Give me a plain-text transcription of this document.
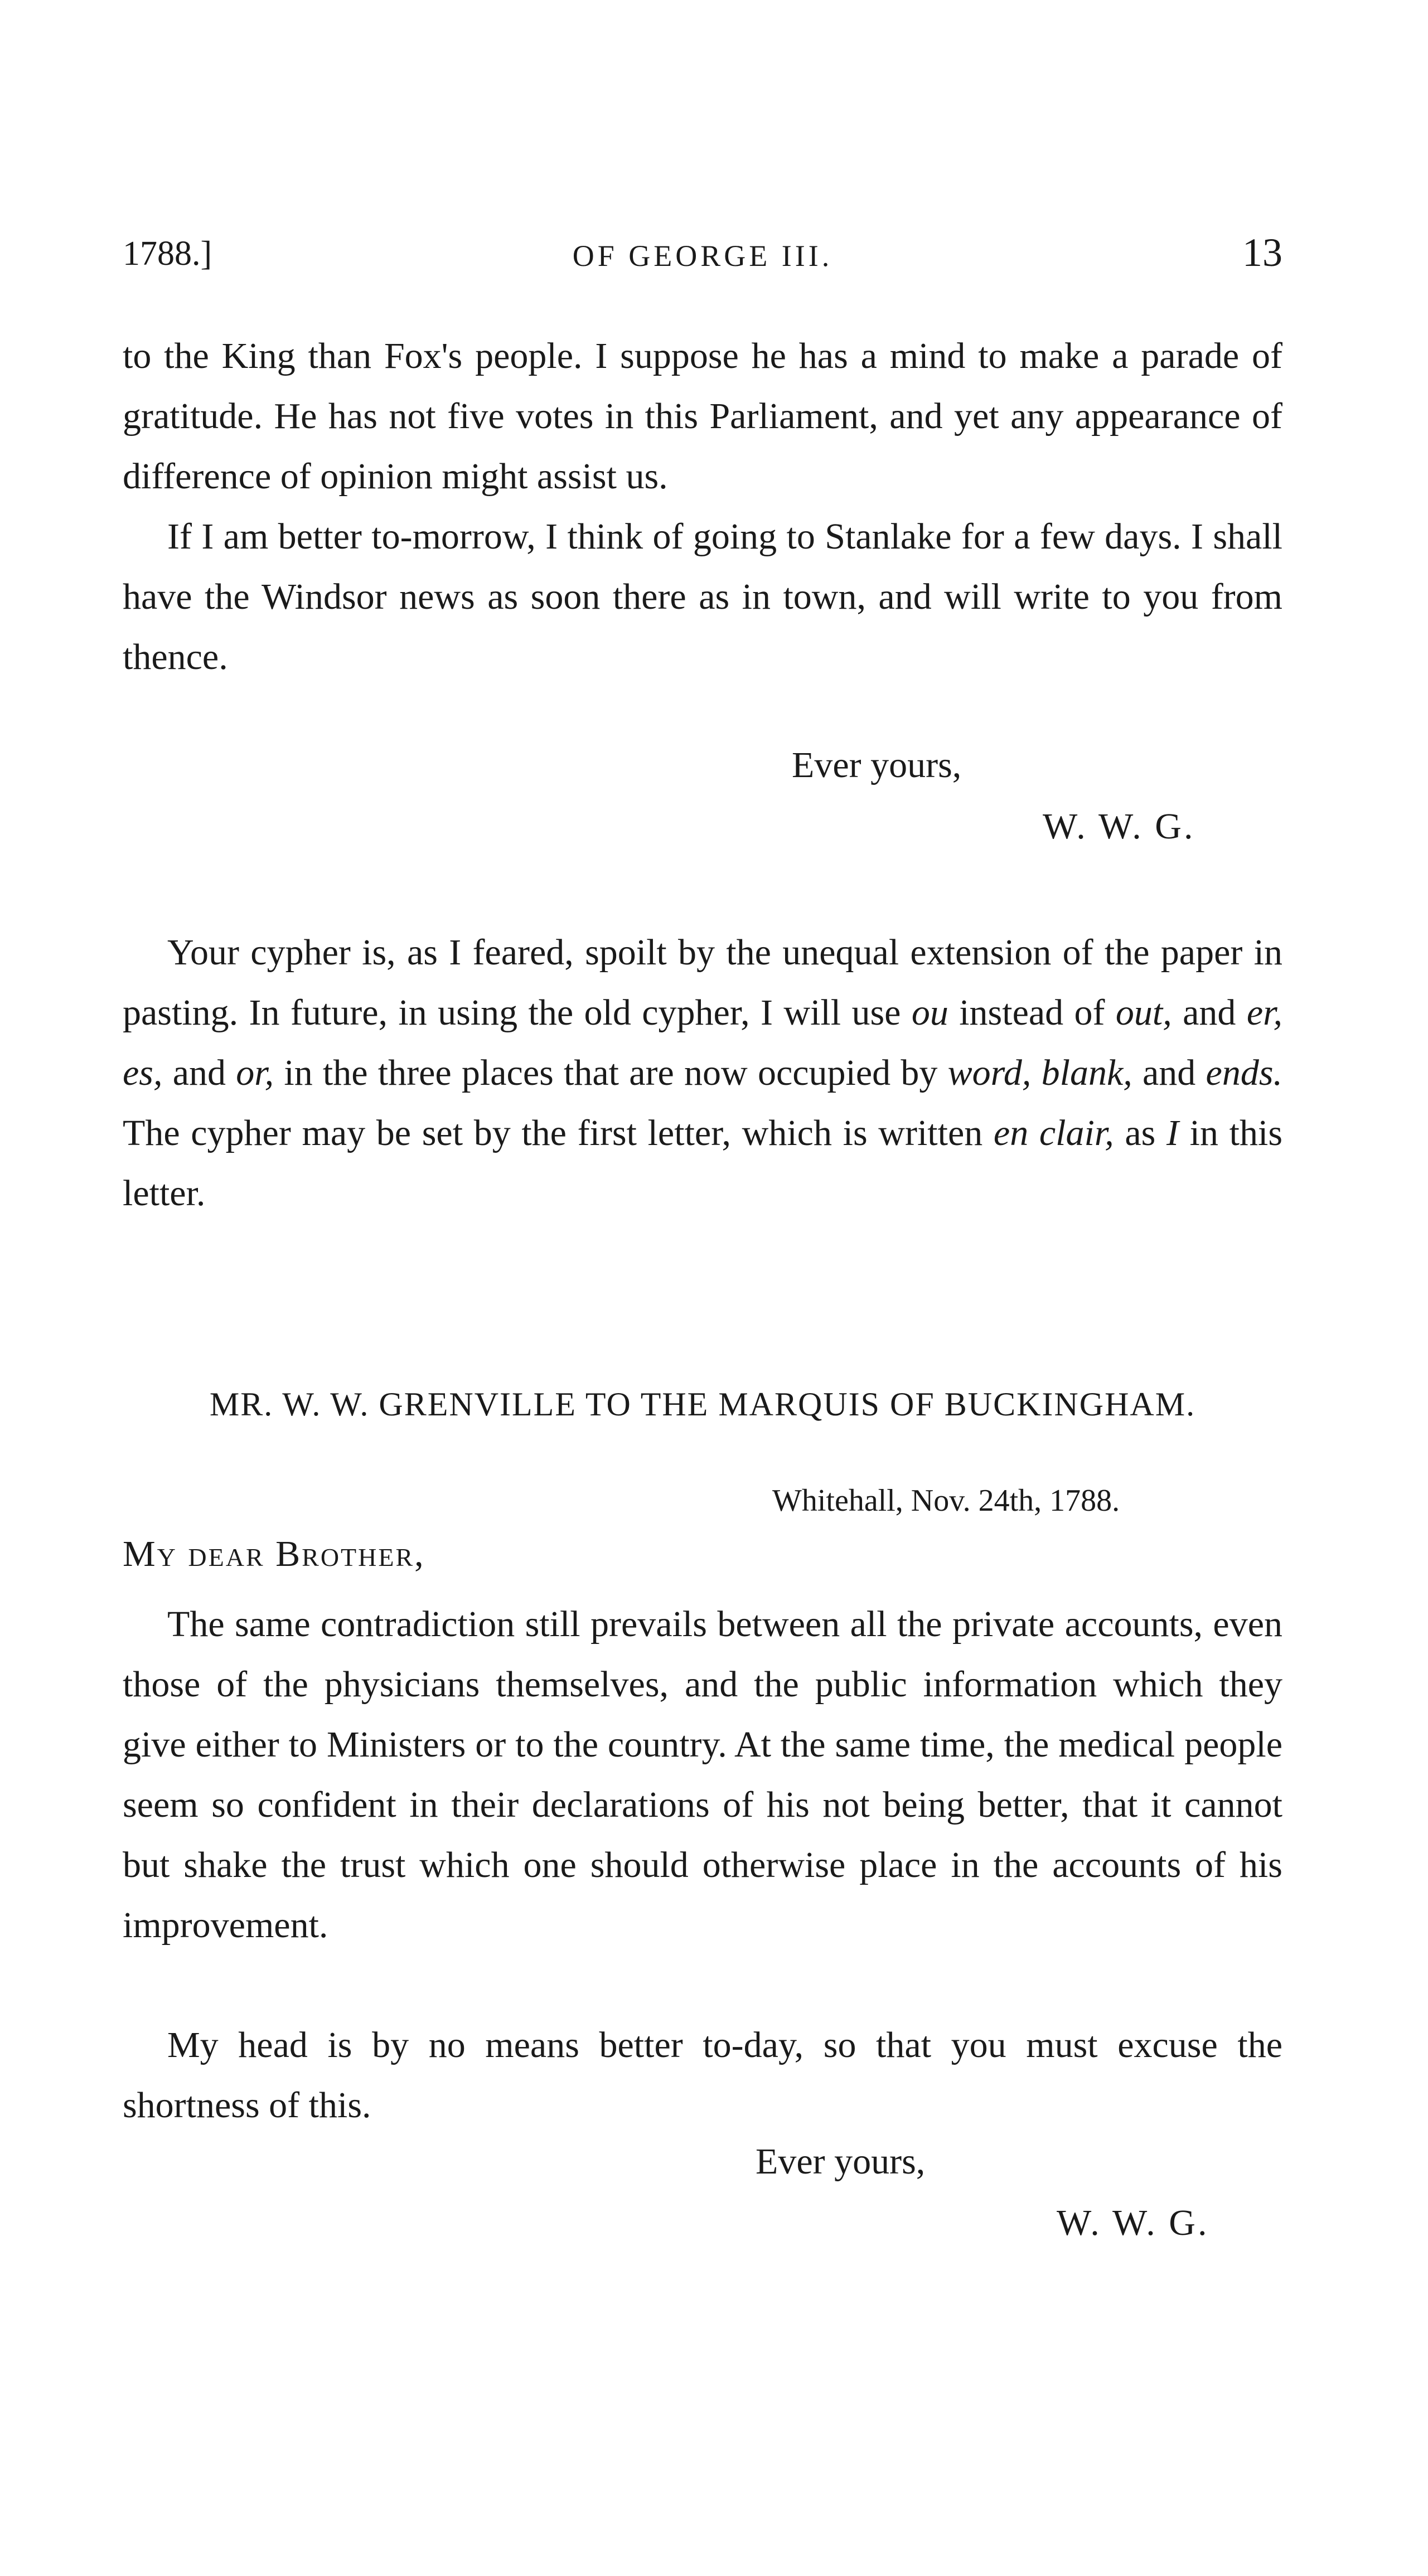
1788.]	OF GEORGE III.	13

to the King than Fox's people. I suppose he has a mind to make a parade of gratitude. He has not five votes in this Parliament, and yet any appearance of difference of opinion might assist us.

If I am better to-morrow, I think of going to Stanlake for a few days. I shall have the Windsor news as soon there as in town, and will write to you from thence.

Ever yours,
W. W. G.

Your cypher is, as I feared, spoilt by the unequal extension of the paper in pasting. In future, in using the old cypher, I will use ou instead of out, and er, es, and or, in the three places that are now occupied by word, blank, and ends. The cypher may be set by the first letter, which is written en clair, as I in this letter.

MR. W. W. GRENVILLE TO THE MARQUIS OF BUCKINGHAM.
Whitehall, Nov. 24th, 1788.
My dear Brother,

The same contradiction still prevails between all the private accounts, even those of the physicians themselves, and the public information which they give either to Ministers or to the country. At the same time, the medical people seem so confident in their declarations of his not being better, that it cannot but shake the trust which one should otherwise place in the accounts of his improvement.

My head is by no means better to-day, so that you must excuse the shortness of this.

Ever yours,
W. W. G.
